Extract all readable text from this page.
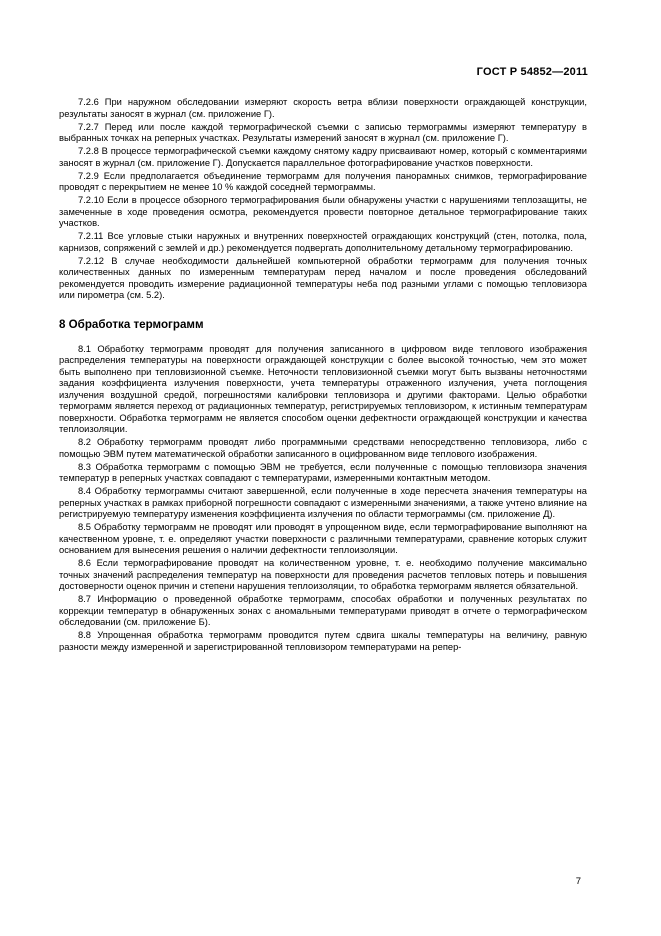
ГОСТ Р 54852—2011

7.2.6 При наружном обследовании измеряют скорость ветра вблизи поверхности ограждающей конструкции, результаты заносят в журнал (см. приложение Г).

7.2.7 Перед или после каждой термографической съемки с записью термограммы измеряют температуру в выбранных точках на реперных участках. Результаты измерений заносят в журнал (см. приложение Г).

7.2.8 В процессе термографической съемки каждому снятому кадру присваивают номер, который с комментариями заносят в журнал (см. приложение Г). Допускается параллельное фотографирование участков поверхности.

7.2.9 Если предполагается объединение термограмм для получения панорамных снимков, термографирование проводят с перекрытием не менее 10 % каждой соседней термограммы.

7.2.10 Если в процессе обзорного термографирования были обнаружены участки с нарушениями теплозащиты, не замеченные в ходе проведения осмотра, рекомендуется провести повторное детальное термографирование таких участков.

7.2.11 Все угловые стыки наружных и внутренних поверхностей ограждающих конструкций (стен, потолка, пола, карнизов, сопряжений с землей и др.) рекомендуется подвергать дополнительному детальному термографированию.

7.2.12 В случае необходимости дальнейшей компьютерной обработки термограмм для получения точных количественных данных по измеренным температурам перед началом и после проведения обследований рекомендуется проводить измерение радиационной температуры неба под разными углами с помощью тепловизора или пирометра (см. 5.2).

8 Обработка термограмм

8.1 Обработку термограмм проводят для получения записанного в цифровом виде теплового изображения распределения температуры на поверхности ограждающей конструкции с более высокой точностью, чем это может быть выполнено при тепловизионной съемке. Неточности тепловизионной съемки могут быть вызваны неточностями задания коэффициента излучения поверхности, учета температуры отраженного излучения, учета поглощения излучения воздушной средой, погрешностями калибровки тепловизора и другими факторами. Целью обработки термограмм является переход от радиационных температур, регистрируемых тепловизором, к истинным температурам поверхности. Обработка термограмм не является способом оценки дефектности ограждающей конструкции и качества теплоизоляции.

8.2 Обработку термограмм проводят либо программными средствами непосредственно тепловизора, либо с помощью ЭВМ путем математической обработки записанного в оцифрованном виде теплового изображения.

8.3 Обработка термограмм с помощью ЭВМ не требуется, если полученные с помощью тепловизора значения температур в реперных участках совпадают с температурами, измеренными контактным методом.

8.4 Обработку термограммы считают завершенной, если полученные в ходе пересчета значения температуры на реперных участках в рамках приборной погрешности совпадают с измеренными значениями, а также учтено влияние на регистрируемую температуру изменения коэффициента излучения по области термограммы (см. приложение Д).

8.5 Обработку термограмм не проводят или проводят в упрощенном виде, если термографирование выполняют на качественном уровне, т. е. определяют участки поверхности с различными температурами, сравнение которых служит основанием для вынесения решения о наличии дефектности теплоизоляции.

8.6 Если термографирование проводят на количественном уровне, т. е. необходимо получение максимально точных значений распределения температур на поверхности для проведения расчетов тепловых потерь и повышения достоверности оценок причин и степени нарушения теплоизоляции, то обработка термограмм является обязательной.

8.7 Информацию о проведенной обработке термограмм, способах обработки и полученных результатах по коррекции температур в обнаруженных зонах с аномальными температурами приводят в отчете о термографическом обследовании (см. приложение Б).

8.8 Упрощенная обработка термограмм проводится путем сдвига шкалы температуры на величину, равную разности между измеренной и зарегистрированной тепловизором температурами на репер-

7
